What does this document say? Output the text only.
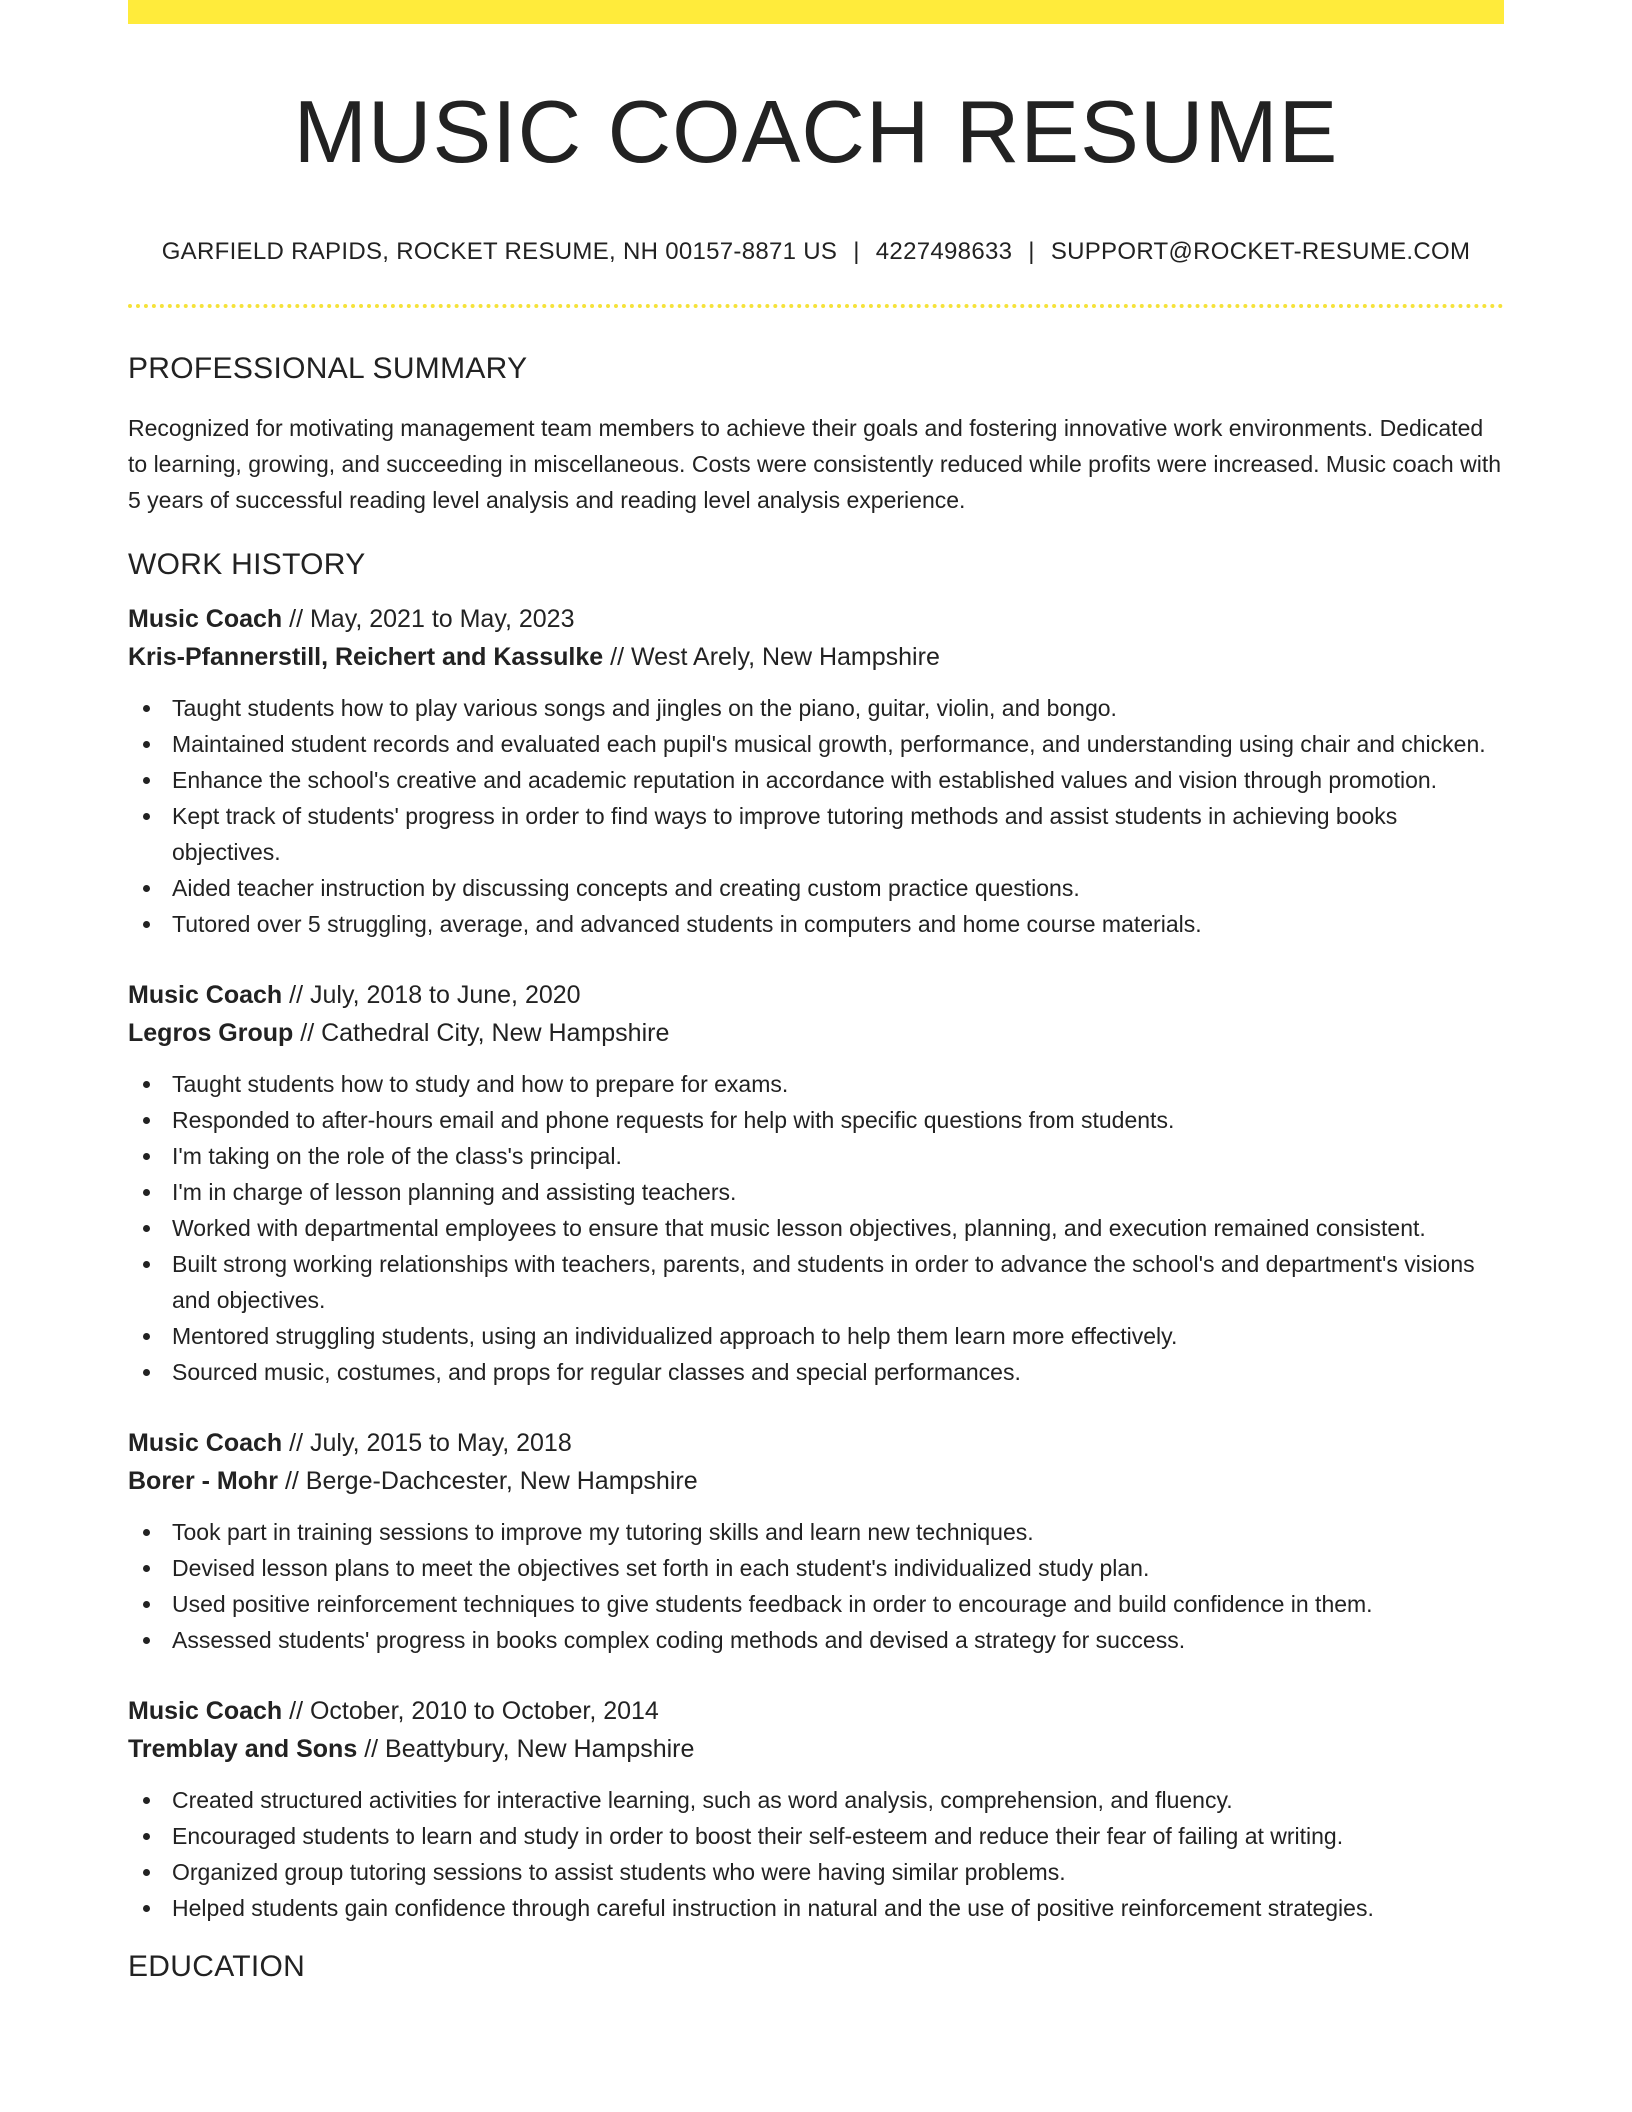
MUSIC COACH RESUME
GARFIELD RAPIDS, ROCKET RESUME, NH 00157-8871 US | 4227498633 | SUPPORT@ROCKET-RESUME.COM
PROFESSIONAL SUMMARY

Recognized for motivating management team members to achieve their goals and fostering innovative work environments. Dedicated to learning, growing, and succeeding in miscellaneous. Costs were consistently reduced while profits were increased. Music coach with 5 years of successful reading level analysis and reading level analysis experience.

WORK HISTORY
Music Coach // May, 2021 to May, 2023
Kris-Pfannerstill, Reichert and Kassulke // West Arely, New Hampshire
Taught students how to play various songs and jingles on the piano, guitar, violin, and bongo.
Maintained student records and evaluated each pupil's musical growth, performance, and understanding using chair and chicken.
Enhance the school's creative and academic reputation in accordance with established values and vision through promotion.
Kept track of students' progress in order to find ways to improve tutoring methods and assist students in achieving books objectives.
Aided teacher instruction by discussing concepts and creating custom practice questions.
Tutored over 5 struggling, average, and advanced students in computers and home course materials.
Music Coach // July, 2018 to June, 2020
Legros Group // Cathedral City, New Hampshire
Taught students how to study and how to prepare for exams.
Responded to after-hours email and phone requests for help with specific questions from students.
I'm taking on the role of the class's principal.
I'm in charge of lesson planning and assisting teachers.
Worked with departmental employees to ensure that music lesson objectives, planning, and execution remained consistent.
Built strong working relationships with teachers, parents, and students in order to advance the school's and department's visions and objectives.
Mentored struggling students, using an individualized approach to help them learn more effectively.
Sourced music, costumes, and props for regular classes and special performances.
Music Coach // July, 2015 to May, 2018
Borer - Mohr // Berge-Dachcester, New Hampshire
Took part in training sessions to improve my tutoring skills and learn new techniques.
Devised lesson plans to meet the objectives set forth in each student's individualized study plan.
Used positive reinforcement techniques to give students feedback in order to encourage and build confidence in them.
Assessed students' progress in books complex coding methods and devised a strategy for success.
Music Coach // October, 2010 to October, 2014
Tremblay and Sons // Beattybury, New Hampshire
Created structured activities for interactive learning, such as word analysis, comprehension, and fluency.
Encouraged students to learn and study in order to boost their self-esteem and reduce their fear of failing at writing.
Organized group tutoring sessions to assist students who were having similar problems.
Helped students gain confidence through careful instruction in natural and the use of positive reinforcement strategies.
EDUCATION
